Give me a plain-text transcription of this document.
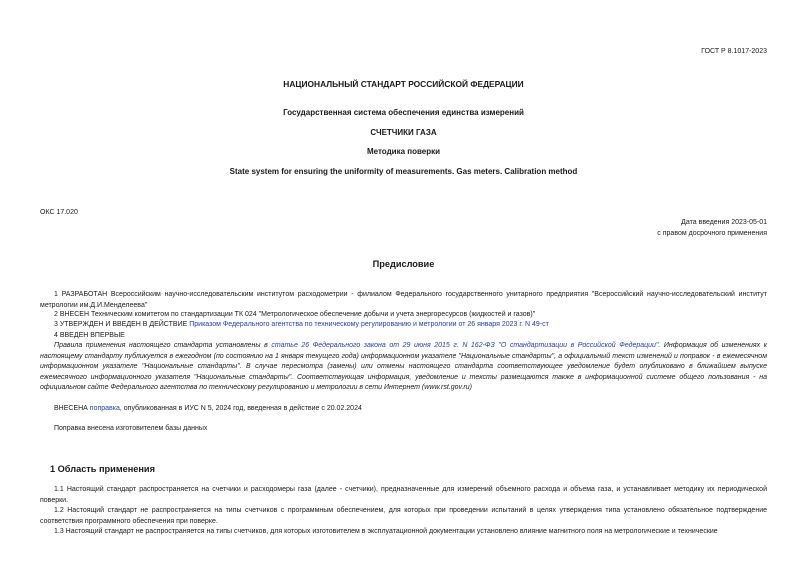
ГОСТ Р 8.1017-2023
НАЦИОНАЛЬНЫЙ СТАНДАРТ РОССИЙСКОЙ ФЕДЕРАЦИИ
Государственная система обеспечения единства измерений
СЧЕТЧИКИ ГАЗА
Методика поверки
State system for ensuring the uniformity of measurements. Gas meters. Calibration method
ОКС 17.020
Дата введения 2023-05-01
с правом досрочного применения
Предисловие
1 РАЗРАБОТАН Всероссийским научно-исследовательским институтом расходометрии - филиалом Федерального государственного унитарного предприятия "Всероссийский научно-исследовательский институт метрологии им.Д.И.Менделеева"
2 ВНЕСЕН Техническим комитетом по стандартизации ТК 024 "Метрологическое обеспечение добычи и учета энергоресурсов (жидкостей и газов)"
3 УТВЕРЖДЕН И ВВЕДЕН В ДЕЙСТВИЕ Приказом Федерального агентства по техническому регулированию и метрологии от 26 января 2023 г. N 49-ст
4 ВВЕДЕН ВПЕРВЫЕ
Правила применения настоящего стандарта установлены в статье 26 Федерального закона от 29 июня 2015 г. N 162-ФЗ "О стандартизации в Российской Федерации". Информация об изменениях к настоящему стандарту публикуется в ежегодном (по состоянию на 1 января текущего года) информационном указателе "Национальные стандарты", а официальный текст изменений и поправок - в ежемесячном информационном указателе "Национальные стандарты". В случае пересмотра (замены) или отмены настоящего стандарта соответствующее уведомление будет опубликовано в ближайшем выпуске ежемесячного информационного указателя "Национальные стандарты". Соответствующая информация, уведомление и тексты размещаются также в информационной системе общего пользования - на официальном сайте Федерального агентства по техническому регулированию и метрологии в сети Интернет (www.rst.gov.ru)
ВНЕСЕНА поправка, опубликованная в ИУС N 5, 2024 год, введенная в действие с 20.02.2024
Поправка внесена изготовителем базы данных
1 Область применения
1.1 Настоящий стандарт распространяется на счетчики и расходомеры газа (далее - счетчики), предназначенные для измерений объемного расхода и объема газа, и устанавливает методику их периодической поверки.
1.2 Настоящий стандарт не распространяется на типы счетчиков с программным обеспечением, для которых при проведении испытаний в целях утверждения типа установлено обязательное подтверждение соответствия программного обеспечения при поверке.
1.3 Настоящий стандарт не распространяется на типы счетчиков, для которых изготовителем в эксплуатационной документации установлено влияние магнитного поля на метрологические и технические
